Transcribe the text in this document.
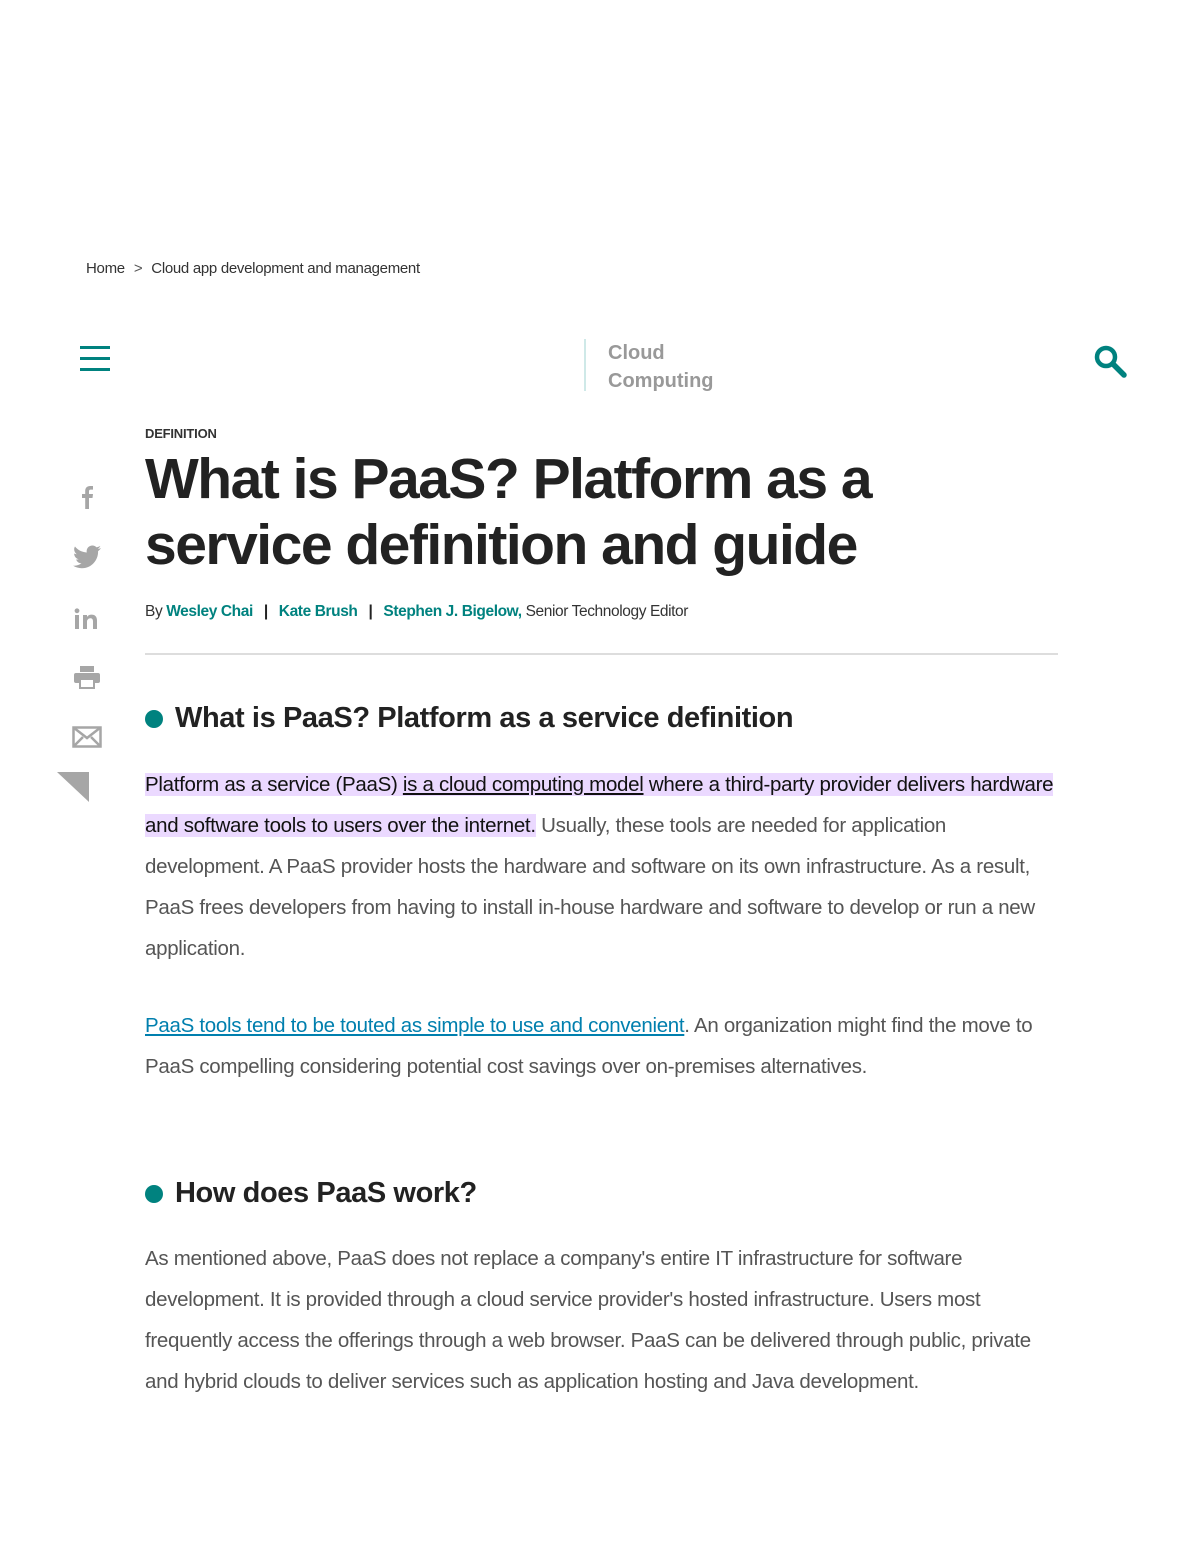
Home > Cloud app development and management
Cloud
Computing
DEFINITION
What is PaaS? Platform as a
service definition and guide
By Wesley Chai | Kate Brush | Stephen J. Bigelow, Senior Technology Editor
What is PaaS? Platform as a service definition

Platform as a service (PaaS) is a cloud computing model where a third-party provider delivers hardware and software tools to users over the internet. Usually, these tools are needed for application development. A PaaS provider hosts the hardware and software on its own infrastructure. As a result, PaaS frees developers from having to install in-house hardware and software to develop or run a new application.

PaaS tools tend to be touted as simple to use and convenient. An organization might find the move to PaaS compelling considering potential cost savings over on-premises alternatives.

How does PaaS work?

As mentioned above, PaaS does not replace a company's entire IT infrastructure for software development. It is provided through a cloud service provider's hosted infrastructure. Users most frequently access the offerings through a web browser. PaaS can be delivered through public, private and hybrid clouds to deliver services such as application hosting and Java development.
